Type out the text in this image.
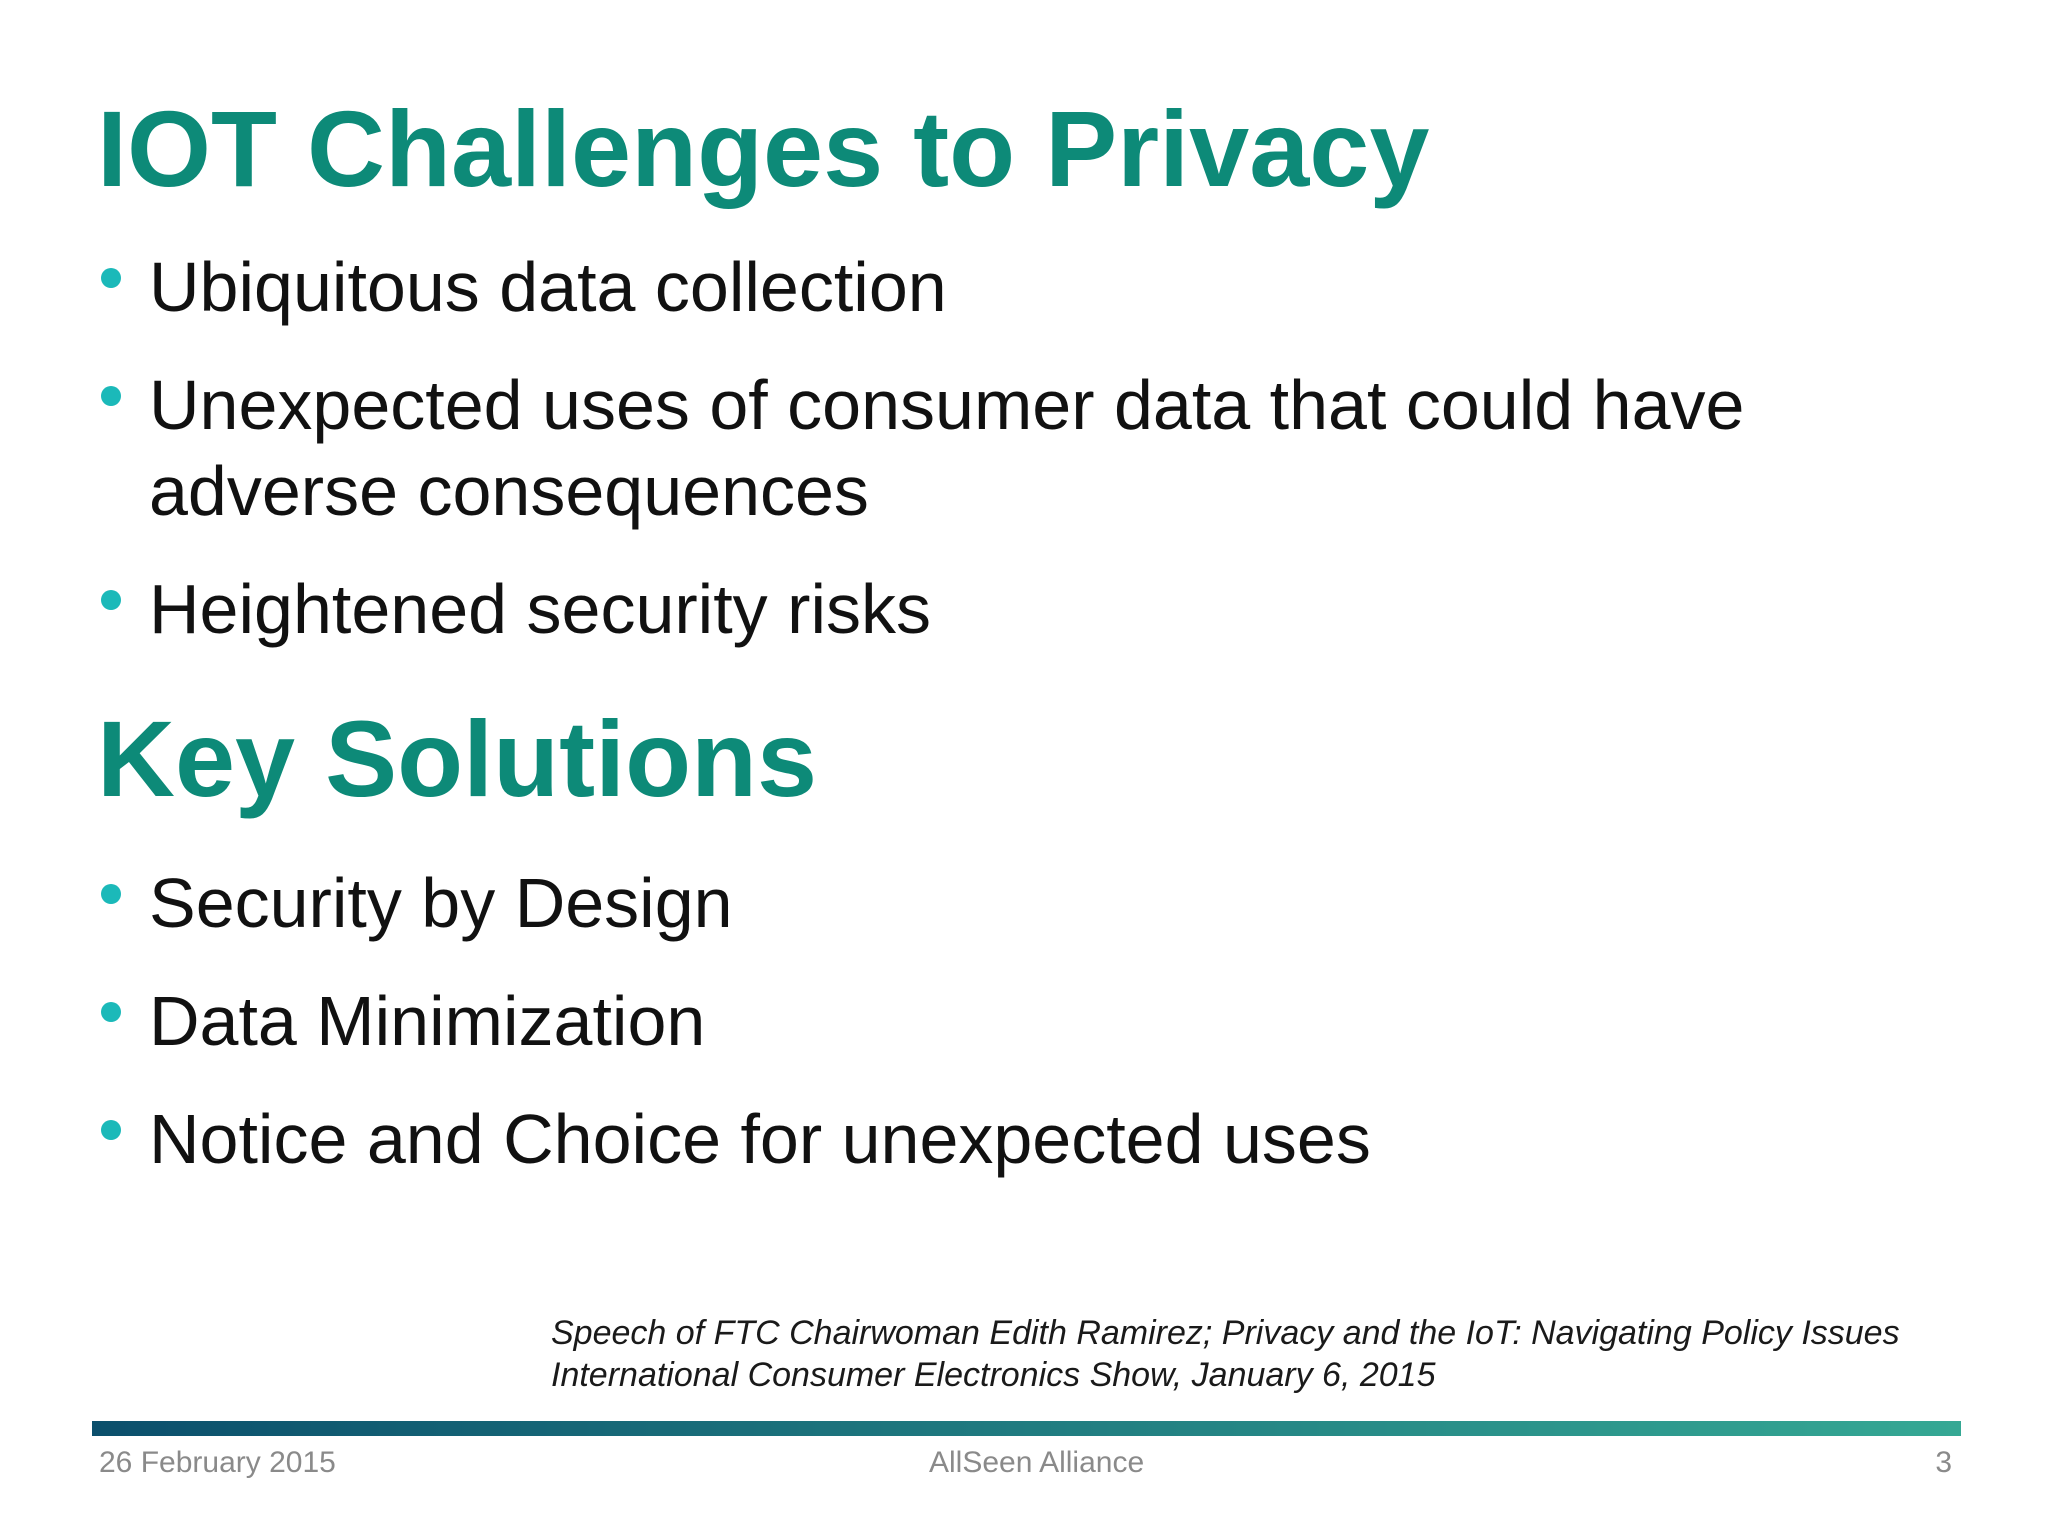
IOT Challenges to Privacy
Ubiquitous data collection
Unexpected uses of consumer data that could have adverse consequences
Heightened security risks
Key Solutions
Security by Design
Data Minimization
Notice and Choice for unexpected uses
Speech of FTC Chairwoman Edith Ramirez; Privacy and the IoT: Navigating Policy Issues
International Consumer Electronics Show, January 6, 2015
26 February 2015	AllSeen Alliance	3
